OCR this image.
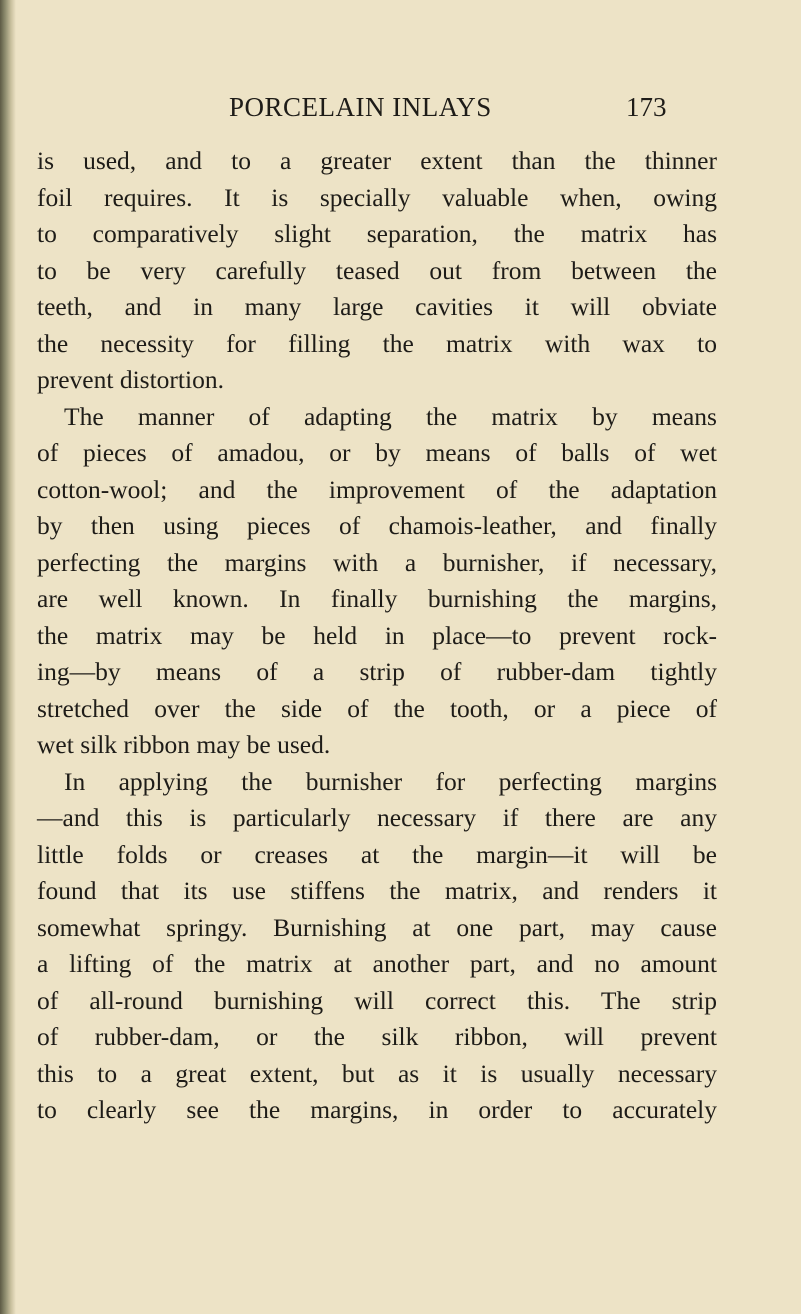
PORCELAIN INLAYS	173
is used, and to a greater extent than the thinner
foil requires. It is specially valuable when, owing
to comparatively slight separation, the matrix has
to be very carefully teased out from between the
teeth, and in many large cavities it will obviate
the necessity for filling the matrix with wax to
prevent distortion.
The manner of adapting the matrix by means
of pieces of amadou, or by means of balls of wet
cotton-wool; and the improvement of the adaptation
by then using pieces of chamois-leather, and finally
perfecting the margins with a burnisher, if necessary,
are well known. In finally burnishing the margins,
the matrix may be held in place—to prevent rock-
ing—by means of a strip of rubber-dam tightly
stretched over the side of the tooth, or a piece of
wet silk ribbon may be used.
In applying the burnisher for perfecting margins
—and this is particularly necessary if there are any
little folds or creases at the margin—it will be
found that its use stiffens the matrix, and renders it
somewhat springy. Burnishing at one part, may cause
a lifting of the matrix at another part, and no amount
of all-round burnishing will correct this. The strip
of rubber-dam, or the silk ribbon, will prevent
this to a great extent, but as it is usually necessary
to clearly see the margins, in order to accurately
